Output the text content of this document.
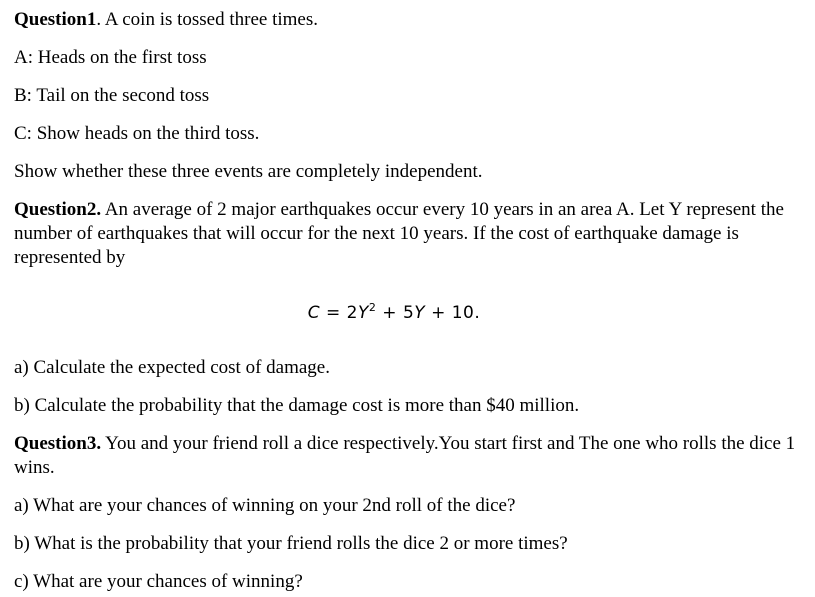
Question1. A coin is tossed three times.

A: Heads on the first toss

B: Tail on the second toss

C: Show heads on the third toss.

Show whether these three events are completely independent.

Question2. An average of 2 major earthquakes occur every 10 years in an area A. Let Y represent the number of earthquakes that will occur for the next 10 years. If the cost of earthquake damage is represented by

$C = 2Y^2 + 5Y + 10$.

a) Calculate the expected cost of damage.

b) Calculate the probability that the damage cost is more than $40 million.

Question3. You and your friend roll a dice respectively.You start first and The one who rolls the dice 1 wins.

a) What are your chances of winning on your 2nd roll of the dice?

b) What is the probability that your friend rolls the dice 2 or more times?

c) What are your chances of winning?
